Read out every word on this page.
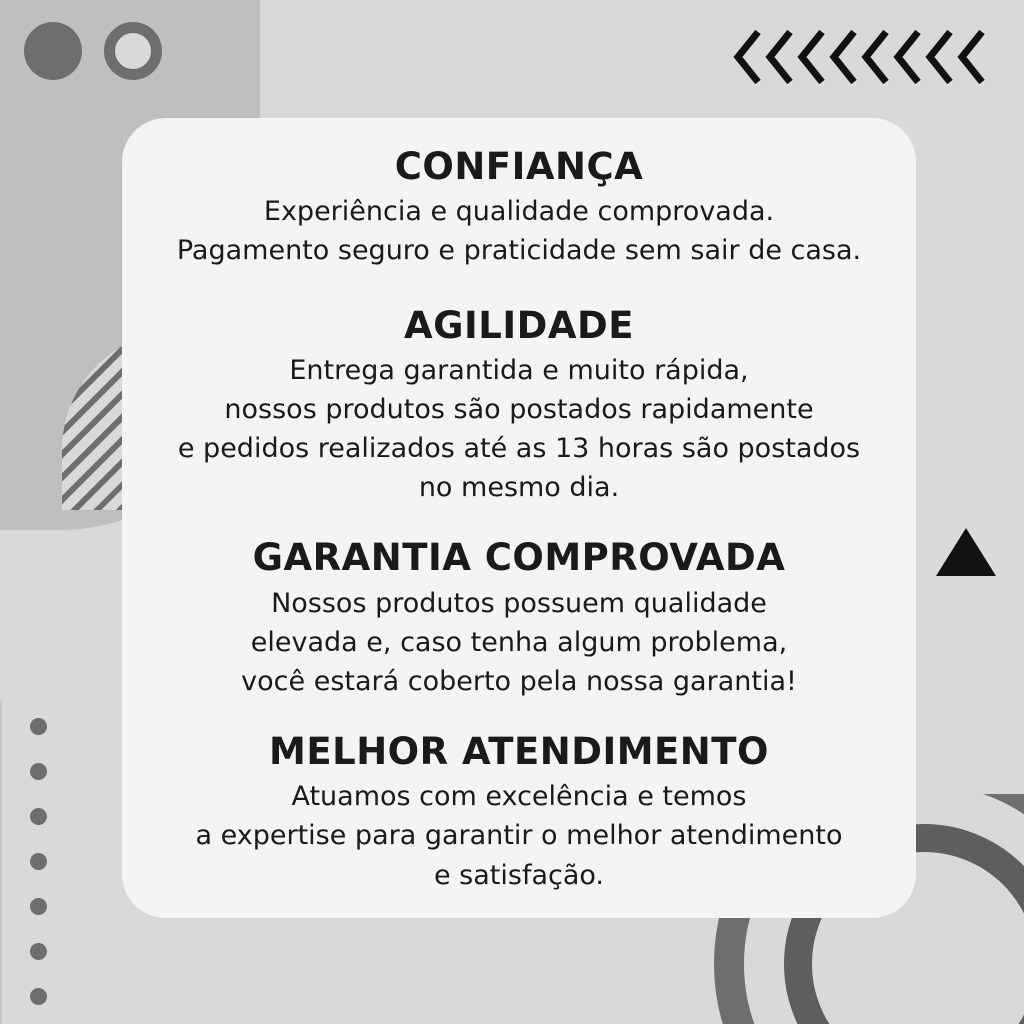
CONFIANÇA
Experiência e qualidade comprovada.
Pagamento seguro e praticidade sem sair de casa.
AGILIDADE
Entrega garantida e muito rápida,
nossos produtos são postados rapidamente
e pedidos realizados até as 13 horas são postados
no mesmo dia.
GARANTIA COMPROVADA
Nossos produtos possuem qualidade
elevada e, caso tenha algum problema,
você estará coberto pela nossa garantia!
MELHOR ATENDIMENTO
Atuamos com excelência e temos
a expertise para garantir o melhor atendimento
e satisfação.
